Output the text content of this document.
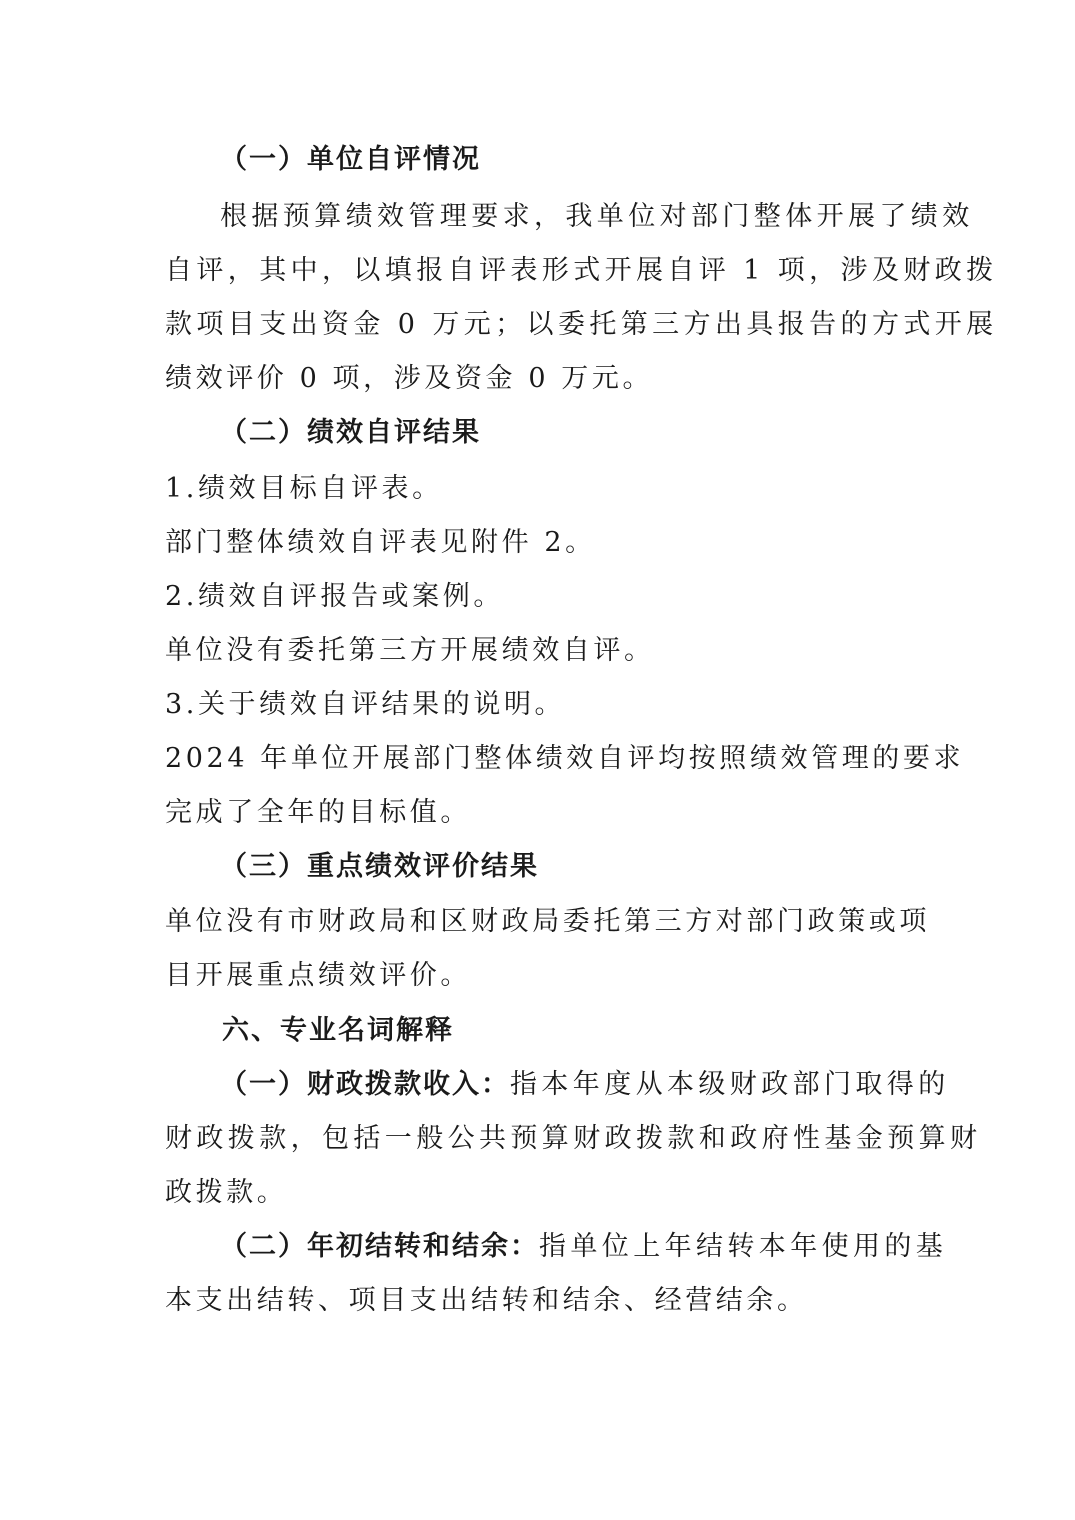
（一）单位自评情况
根据预算绩效管理要求，我单位对部门整体开展了绩效
自评，其中，以填报自评表形式开展自评 1 项，涉及财政拨
款项目支出资金 0 万元；以委托第三方出具报告的方式开展
绩效评价 0 项，涉及资金 0 万元。
（二）绩效自评结果
1.绩效目标自评表。
部门整体绩效自评表见附件 2。
2.绩效自评报告或案例。
单位没有委托第三方开展绩效自评。
3.关于绩效自评结果的说明。
2024 年单位开展部门整体绩效自评均按照绩效管理的要求
完成了全年的目标值。
（三）重点绩效评价结果
单位没有市财政局和区财政局委托第三方对部门政策或项
目开展重点绩效评价。
六、专业名词解释
（一）财政拨款收入：指本年度从本级财政部门取得的
财政拨款，包括一般公共预算财政拨款和政府性基金预算财
政拨款。
（二）年初结转和结余：指单位上年结转本年使用的基
本支出结转、项目支出结转和结余、经营结余。
